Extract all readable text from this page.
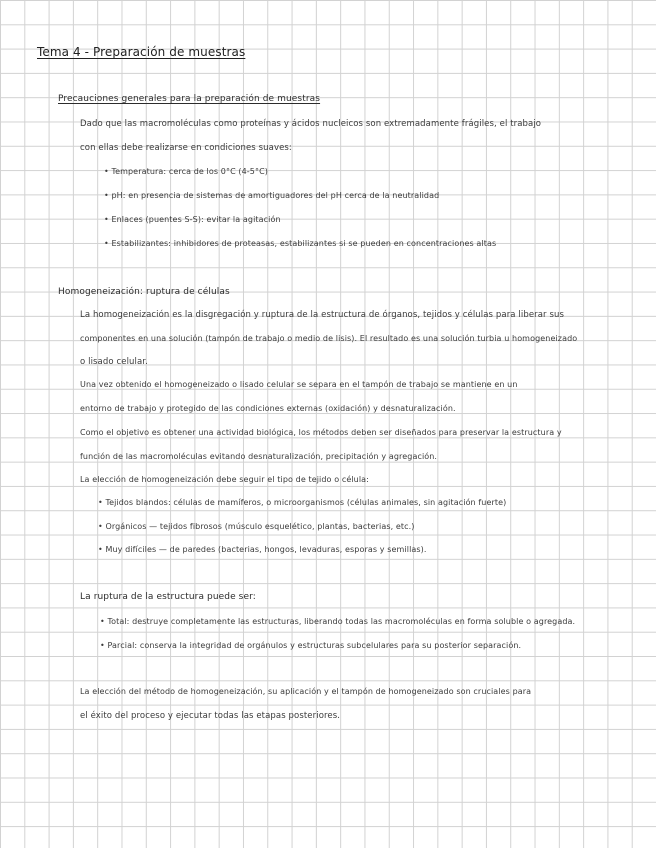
Tema 4 - Preparación de muestras
Precauciones generales para la preparación de muestras
Dado que las macromoléculas como proteínas y ácidos nucleicos son extremadamente frágiles, el trabajo
con ellas debe realizarse en condiciones suaves:
• Temperatura: cerca de los 0°C (4-5°C)
• pH: en presencia de sistemas de amortiguadores del pH cerca de la neutralidad
• Enlaces (puentes S-S): evitar la agitación
• Estabilizantes: inhibidores de proteasas, estabilizantes si se pueden en concentraciones altas
Homogeneización: ruptura de células
La homogeneización es la disgregación y ruptura de la estructura de órganos, tejidos y células para liberar sus
componentes en una solución (tampón de trabajo o medio de lisis). El resultado es una solución turbia u homogeneizado
o lisado celular.
Una vez obtenido el homogeneizado o lisado celular se separa en el tampón de trabajo se mantiene en un
entorno de trabajo y protegido de las condiciones externas (oxidación) y desnaturalización.
Como el objetivo es obtener una actividad biológica, los métodos deben ser diseñados para preservar la estructura y
función de las macromoléculas evitando desnaturalización, precipitación y agregación.
La elección de homogeneización debe seguir el tipo de tejido o célula:
• Tejidos blandos: células de mamíferos, o microorganismos (células animales, sin agitación fuerte)
• Orgánicos — tejidos fibrosos (músculo esquelético, plantas, bacterias, etc.)
• Muy difíciles — de paredes (bacterias, hongos, levaduras, esporas y semillas).
La ruptura de la estructura puede ser:
• Total: destruye completamente las estructuras, liberando todas las macromoléculas en forma soluble o agregada.
• Parcial: conserva la integridad de orgánulos y estructuras subcelulares para su posterior separación.
La elección del método de homogeneización, su aplicación y el tampón de homogeneizado son cruciales para
el éxito del proceso y ejecutar todas las etapas posteriores.
